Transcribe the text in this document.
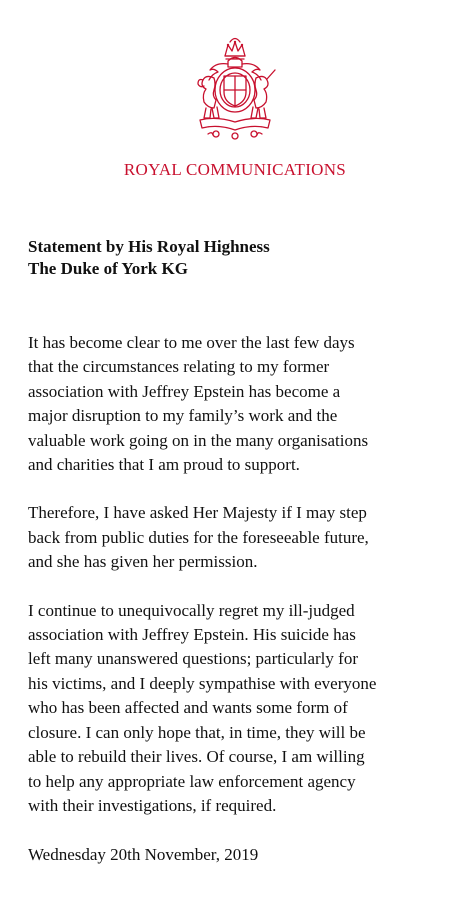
ROYAL COMMUNICATIONS
Statement by His Royal Highness
The Duke of York KG

It has become clear to me over the last few days
that the circumstances relating to my former
association with Jeffrey Epstein has become a
major disruption to my family’s work and the
valuable work going on in the many organisations
and charities that I am proud to support.

Therefore, I have asked Her Majesty if I may step
back from public duties for the foreseeable future,
and she has given her permission.

I continue to unequivocally regret my ill-judged
association with Jeffrey Epstein. His suicide has
left many unanswered questions; particularly for
his victims, and I deeply sympathise with everyone
who has been affected and wants some form of
closure. I can only hope that, in time, they will be
able to rebuild their lives. Of course, I am willing
to help any appropriate law enforcement agency
with their investigations, if required.

Wednesday 20th November, 2019
